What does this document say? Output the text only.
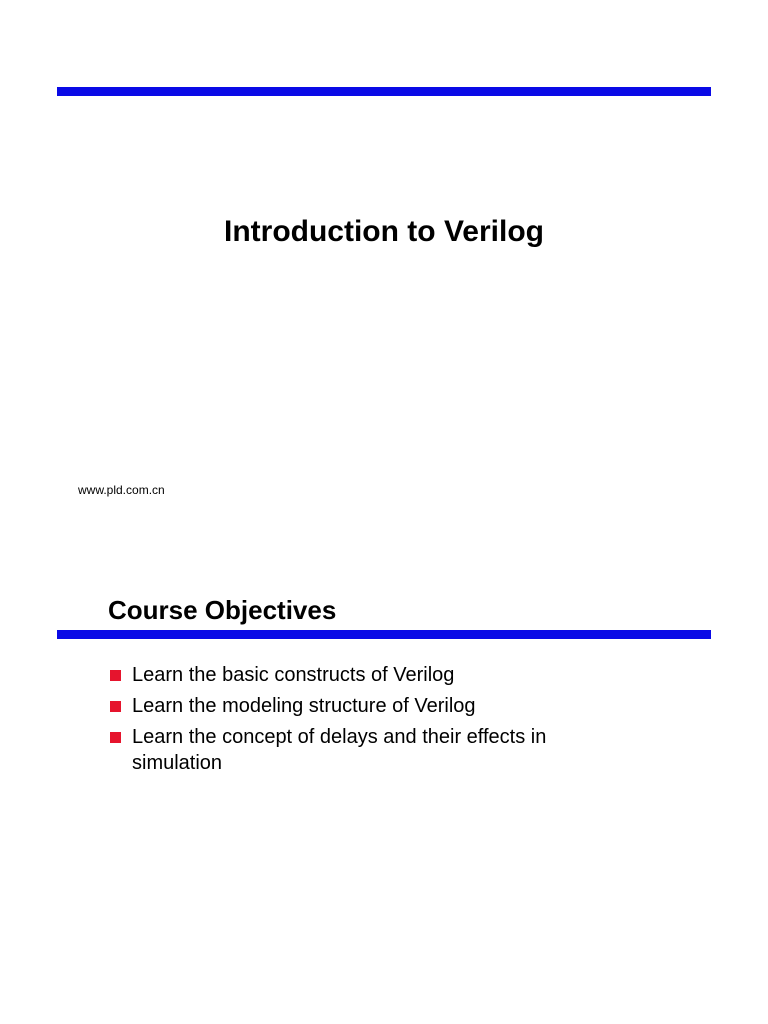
Introduction to Verilog
www.pld.com.cn
Course Objectives
Learn the basic constructs of Verilog
Learn the modeling structure of Verilog
Learn the concept of delays and their effects in simulation
